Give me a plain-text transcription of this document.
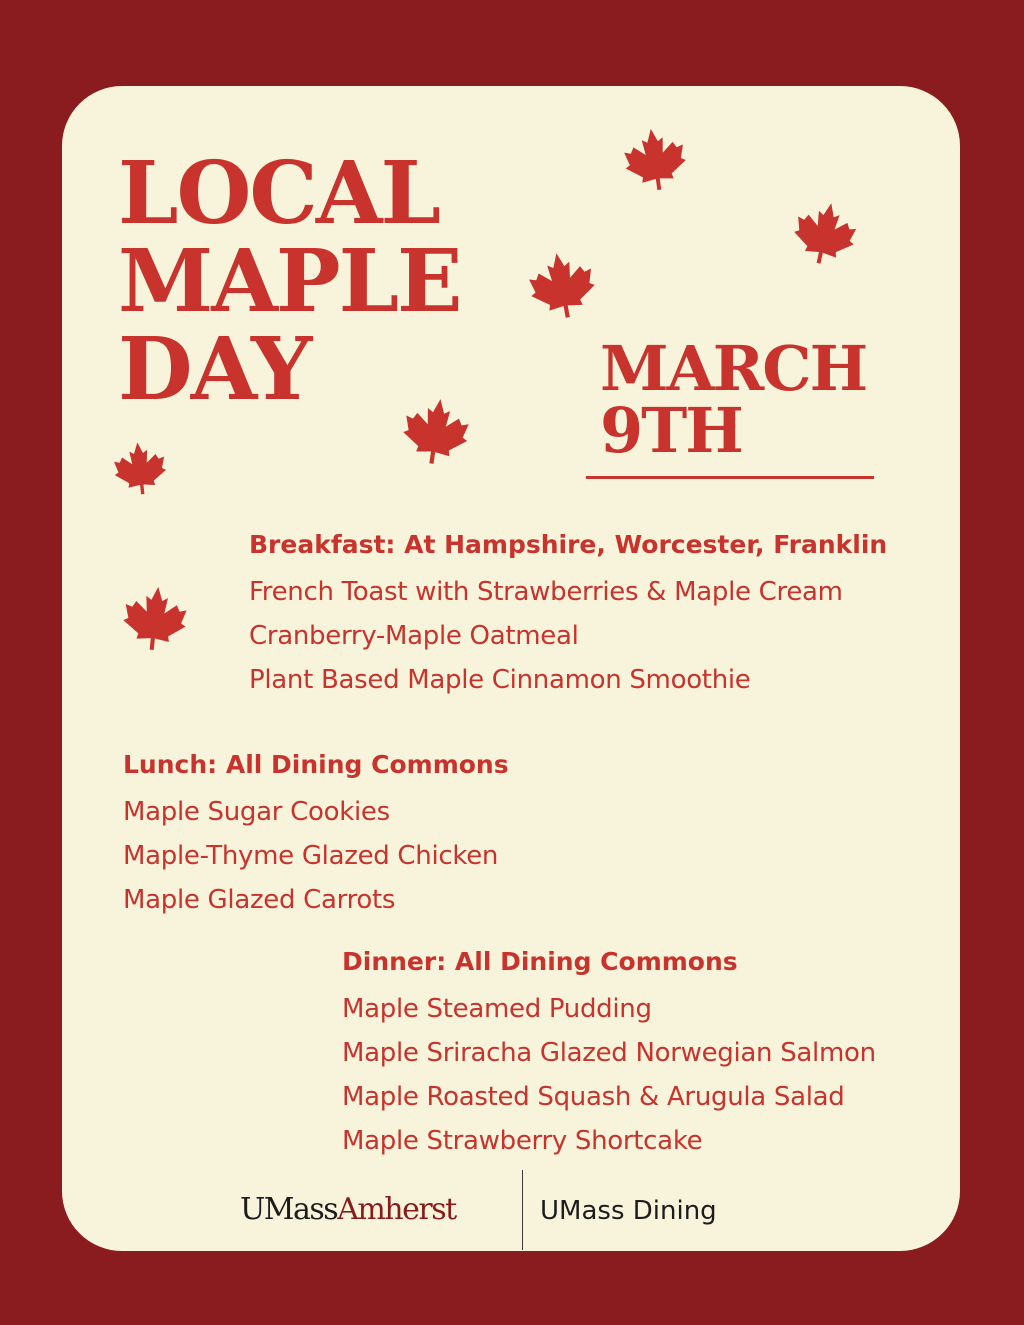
LOCAL
MAPLE
DAY	MARCH
9TH
Breakfast: At Hampshire, Worcester, Franklin
French Toast with Strawberries & Maple Cream
Cranberry-Maple Oatmeal
Plant Based Maple Cinnamon Smoothie
Lunch: All Dining Commons
Maple Sugar Cookies
Maple-Thyme Glazed Chicken
Maple Glazed Carrots
Dinner: All Dining Commons
Maple Steamed Pudding
Maple Sriracha Glazed Norwegian Salmon
Maple Roasted Squash & Arugula Salad
Maple Strawberry Shortcake
UMassAmherst	UMass Dining
